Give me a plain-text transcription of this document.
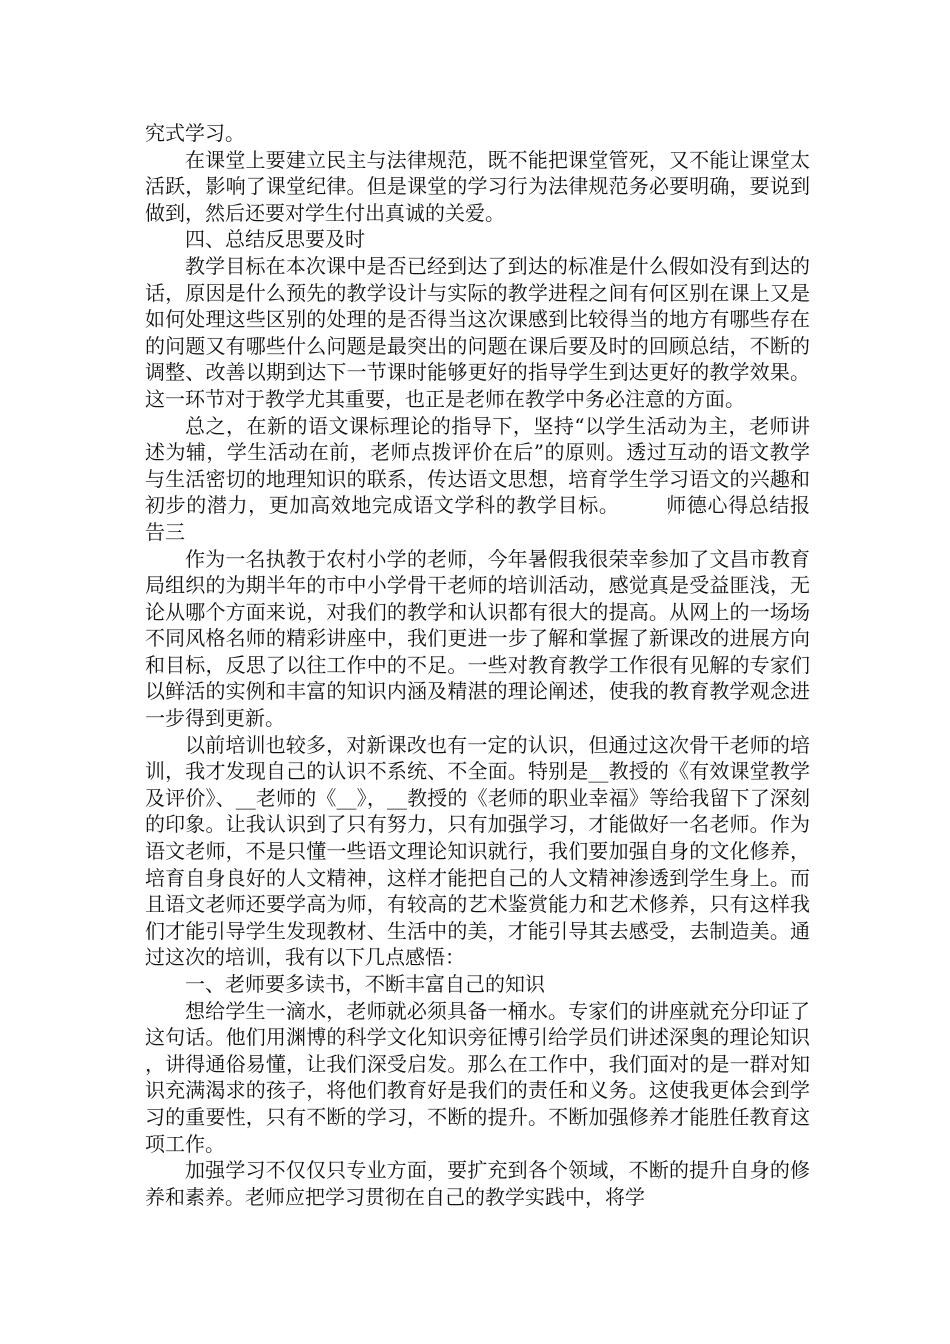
究式学习。

在课堂上要建立民主与法律规范，既不能把课堂管死，又不能让课堂太活跃，影响了课堂纪律。但是课堂的学习行为法律规范务必要明确，要说到做到，然后还要对学生付出真诚的关爱。

四、总结反思要及时

教学目标在本次课中是否已经到达了到达的标准是什么假如没有到达的话，原因是什么预先的教学设计与实际的教学进程之间有何区别在课上又是如何处理这些区别的处理的是否得当这次课感到比较得当的地方有哪些存在的问题又有哪些什么问题是最突出的问题在课后要及时的回顾总结，不断的调整、改善以期到达下一节课时能够更好的指导学生到达更好的教学效果。这一环节对于教学尤其重要，也正是老师在教学中务必注意的方面。

总之，在新的语文课标理论的指导下，坚持“以学生活动为主，老师讲述为辅，学生活动在前，老师点拨评价在后”的原则。透过互动的语文教学与生活密切的地理知识的联系，传达语文思想，培育学生学习语文的兴趣和初步的潜力，更加高效地完成语文学科的教学目标。 师德心得总结报告三

作为一名执教于农村小学的老师，今年暑假我很荣幸参加了文昌市教育局组织的为期半年的市中小学骨干老师的培训活动，感觉真是受益匪浅，无论从哪个方面来说，对我们的教学和认识都有很大的提高。从网上的一场场不同风格名师的精彩讲座中，我们更进一步了解和掌握了新课改的进展方向和目标，反思了以往工作中的不足。一些对教育教学工作很有见解的专家们以鲜活的实例和丰富的知识内涵及精湛的理论阐述，使我的教育教学观念进一步得到更新。

以前培训也较多，对新课改也有一定的认识，但通过这次骨干老师的培训，我才发现自己的认识不系统、不全面。特别是__教授的《有效课堂教学及评价》、__老师的《__》，__教授的《老师的职业幸福》等给我留下了深刻的印象。让我认识到了只有努力，只有加强学习，才能做好一名老师。作为语文老师，不是只懂一些语文理论知识就行，我们要加强自身的文化修养，培育自身良好的人文精神，这样才能把自己的人文精神渗透到学生身上。而且语文老师还要学高为师，有较高的艺术鉴赏能力和艺术修养，只有这样我们才能引导学生发现教材、生活中的美，才能引导其去感受，去制造美。通过这次的培训，我有以下几点感悟：

一、老师要多读书，不断丰富自己的知识

想给学生一滴水，老师就必须具备一桶水。专家们的讲座就充分印证了这句话。他们用渊博的科学文化知识旁征博引给学员们讲述深奥的理论知识，讲得通俗易懂，让我们深受启发。那么在工作中，我们面对的是一群对知识充满渴求的孩子，将他们教育好是我们的责任和义务。这使我更体会到学习的重要性，只有不断的学习，不断的提升。不断加强修养才能胜任教育这项工作。

加强学习不仅仅只专业方面，要扩充到各个领域，不断的提升自身的修养和素养。老师应把学习贯彻在自己的教学实践中，将学
